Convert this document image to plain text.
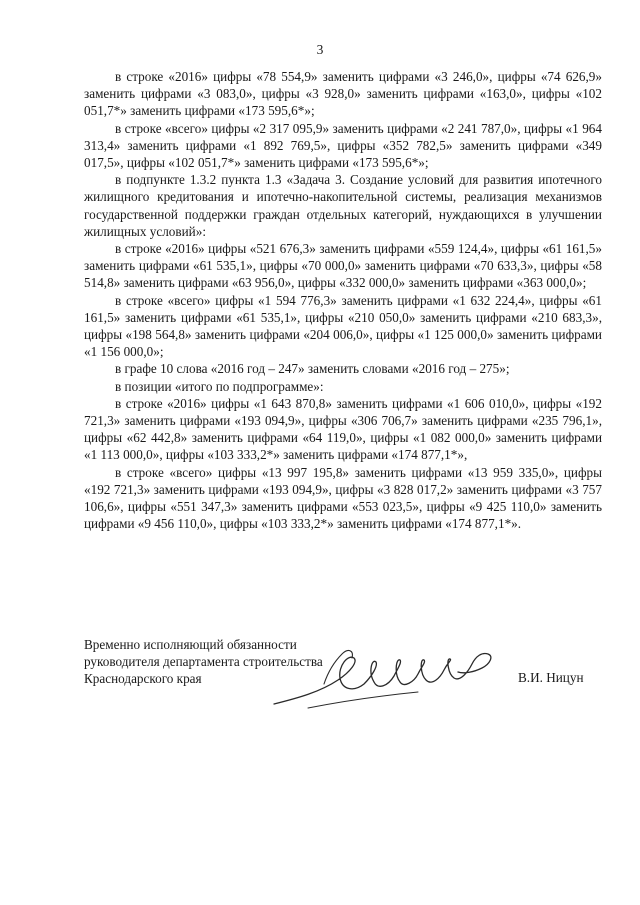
3

в строке «2016» цифры «78 554,9» заменить цифрами «3 246,0», цифры «74 626,9» заменить цифрами «3 083,0», цифры «3 928,0» заменить цифрами «163,0», цифры «102 051,7*» заменить цифрами «173 595,6*»;

в строке «всего» цифры «2 317 095,9» заменить цифрами «2 241 787,0», цифры «1 964 313,4» заменить цифрами «1 892 769,5», цифры «352 782,5» заменить цифрами «349 017,5», цифры «102 051,7*» заменить цифрами «173 595,6*»;

в подпункте 1.3.2 пункта 1.3 «Задача 3. Создание условий для развития ипотечного жилищного кредитования и ипотечно-накопительной системы, реализация механизмов государственной поддержки граждан отдельных категорий, нуждающихся в улучшении жилищных условий»:

в строке «2016» цифры «521 676,3» заменить цифрами «559 124,4», цифры «61 161,5» заменить цифрами «61 535,1», цифры «70 000,0» заменить цифрами «70 633,3», цифры «58 514,8» заменить цифрами «63 956,0», цифры «332 000,0» заменить цифрами «363 000,0»;

в строке «всего» цифры «1 594 776,3» заменить цифрами «1 632 224,4», цифры «61 161,5» заменить цифрами «61 535,1», цифры «210 050,0» заменить цифрами «210 683,3», цифры «198 564,8» заменить цифрами «204 006,0», цифры «1 125 000,0» заменить цифрами «1 156 000,0»;

в графе 10 слова «2016 год – 247» заменить словами «2016 год – 275»;

в позиции «итого по подпрограмме»:

в строке «2016» цифры «1 643 870,8» заменить цифрами «1 606 010,0», цифры «192 721,3» заменить цифрами «193 094,9», цифры «306 706,7» заменить цифрами «235 796,1», цифры «62 442,8» заменить цифрами «64 119,0», цифры «1 082 000,0» заменить цифрами «1 113 000,0», цифры «103 333,2*» заменить цифрами «174 877,1*»,

в строке «всего» цифры «13 997 195,8» заменить цифрами «13 959 335,0», цифры «192 721,3» заменить цифрами «193 094,9», цифры «3 828 017,2» заменить цифрами «3 757 106,6», цифры «551 347,3» заменить цифрами «553 023,5», цифры «9 425 110,0» заменить цифрами «9 456 110,0», цифры «103 333,2*» заменить цифрами «174 877,1*».

Временно исполняющий обязанности
руководителя департамента строительства
Краснодарского края	В.И. Ницун
